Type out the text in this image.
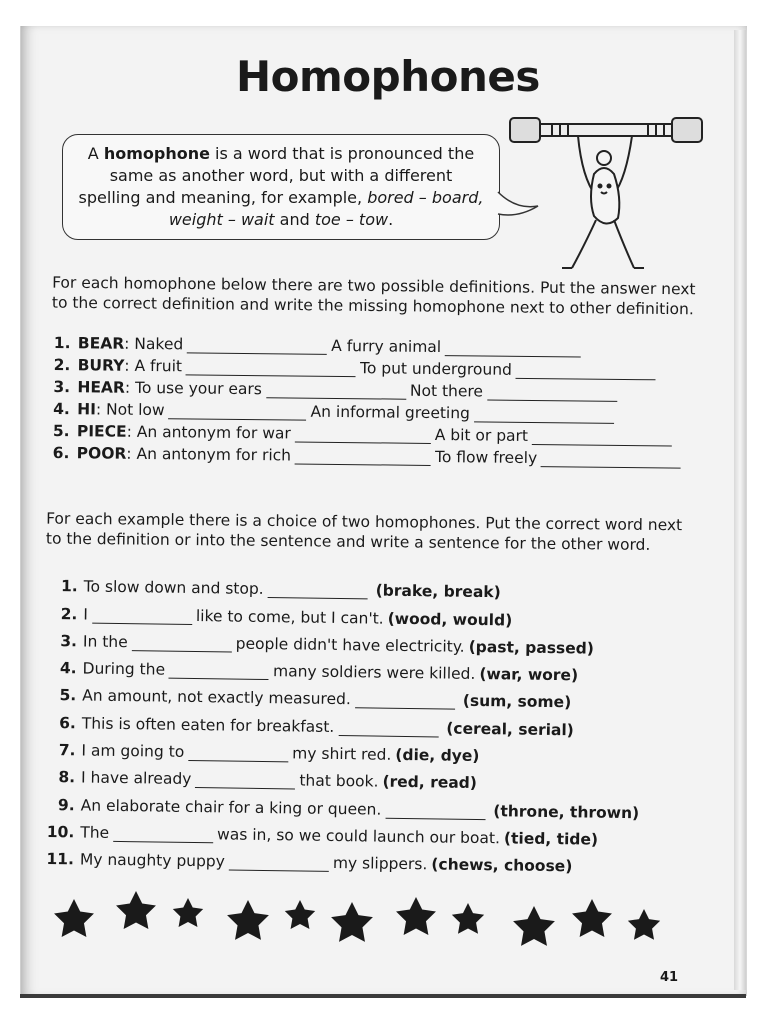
Homophones
A homophone is a word that is pronounced the same as another word, but with a different spelling and meaning, for example, bored – board,
weight – wait and toe – tow.
For each homophone below there are two possible definitions. Put the answer next to the correct definition and write the missing homophone next to other definition.
1. BEAR : Naked	A furry animal
2. BURY : A fruit	To put underground
3. HEAR : To use your ears	Not there
4. HI : Not low	An informal greeting
5. PIECE : An antonym for war	A bit or part
6. POOR : An antonym for rich	To flow freely
For each example there is a choice of two homophones. Put the correct word next to the definition or into the sentence and write a sentence for the other word.
1. To slow down and stop.	(brake, break)
2. I	like to come, but I can't. (wood, would)
3. In the	people didn't have electricity. (past, passed)
4. During the	many soldiers were killed. (war, wore)
5. An amount, not exactly measured.	(sum, some)
6. This is often eaten for breakfast.	(cereal, serial)
7. I am going to	my shirt red. (die, dye)
8. I have already	that book. (red, read)
9. An elaborate chair for a king or queen.	(throne, thrown)
10. The	was in, so we could launch our boat. (tied, tide)
11. My naughty puppy	my slippers. (chews, choose)
41
